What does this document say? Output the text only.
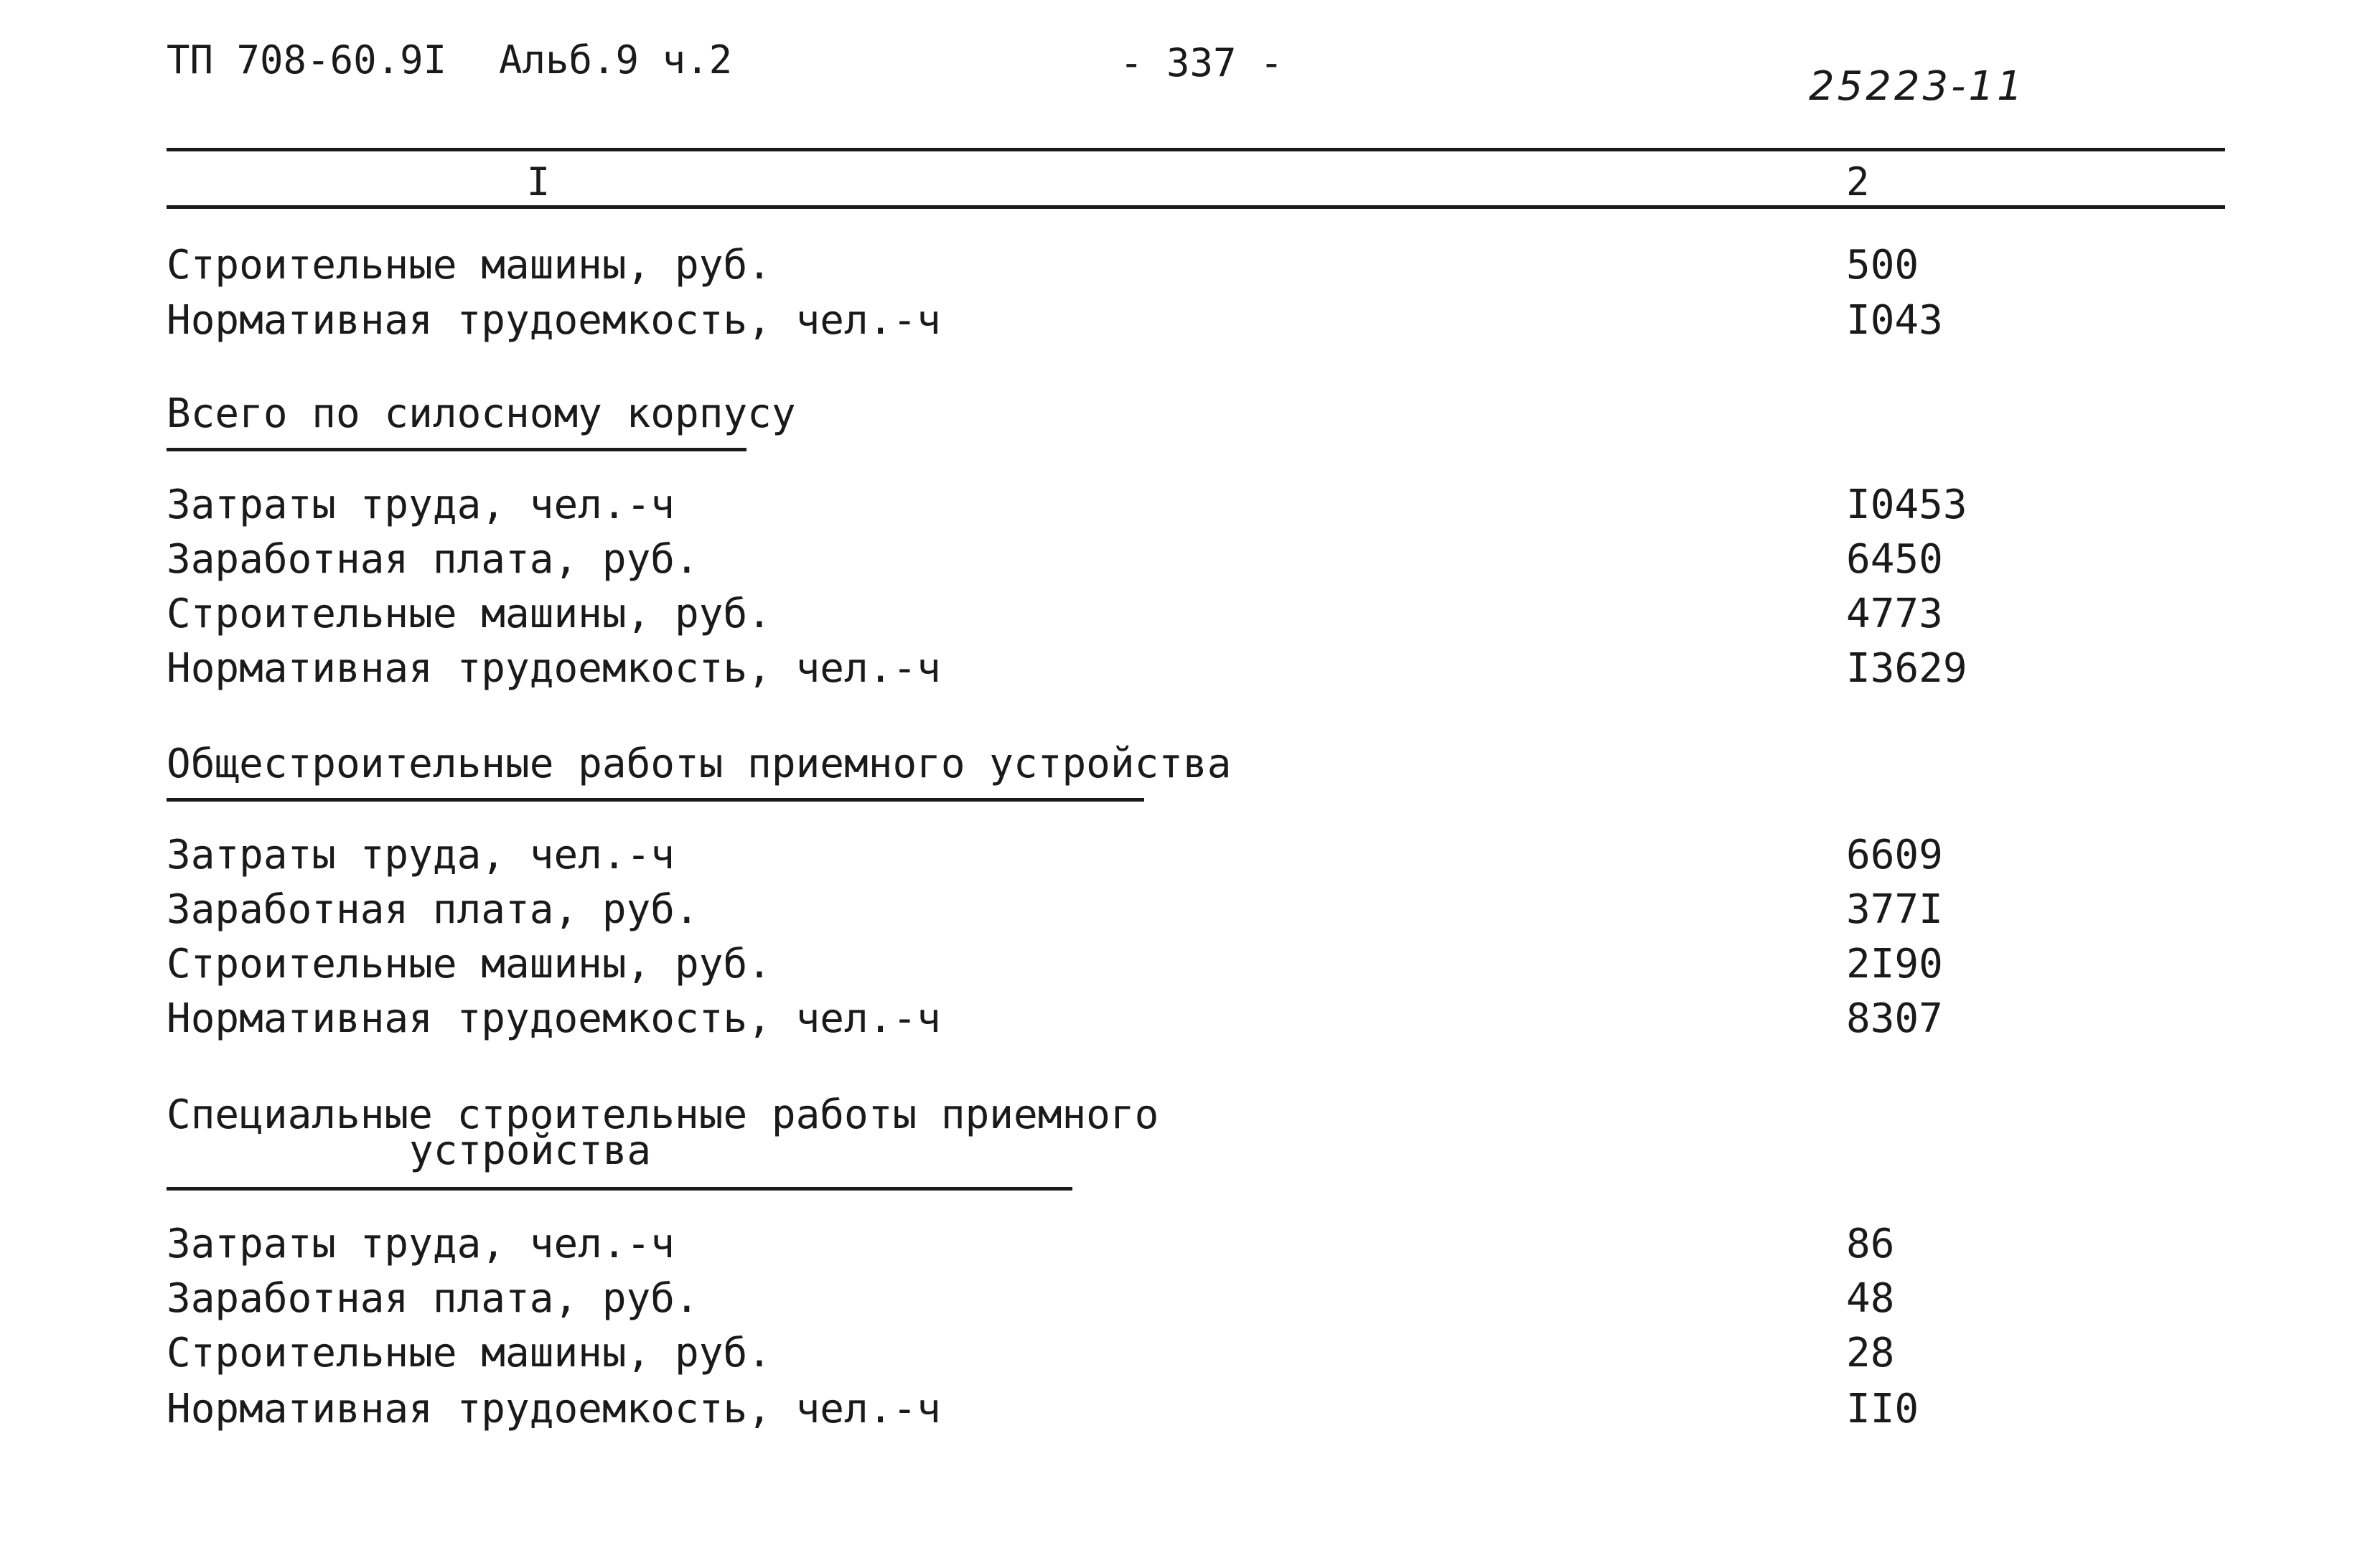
ТП 708-60.9I Альб.9 ч.2	- 337 -
25223-11
I	2
Строительные машины, руб.	500
Нормативная трудоемкость, чел.-ч	I043
Всего по силосному корпусу
Затраты труда, чел.-ч	I0453
Заработная плата, руб.	6450
Строительные машины, руб.	4773
Нормативная трудоемкость, чел.-ч	I3629
Общестроительные работы приемного устройства
Затраты труда, чел.-ч	6609
Заработная плата, руб.	377I
Строительные машины, руб.	2I90
Нормативная трудоемкость, чел.-ч	8307
Специальные строительные работы приемного
устройства
Затраты труда, чел.-ч	86
Заработная плата, руб.	48
Строительные машины, руб.	28
Нормативная трудоемкость, чел.-ч	II0
